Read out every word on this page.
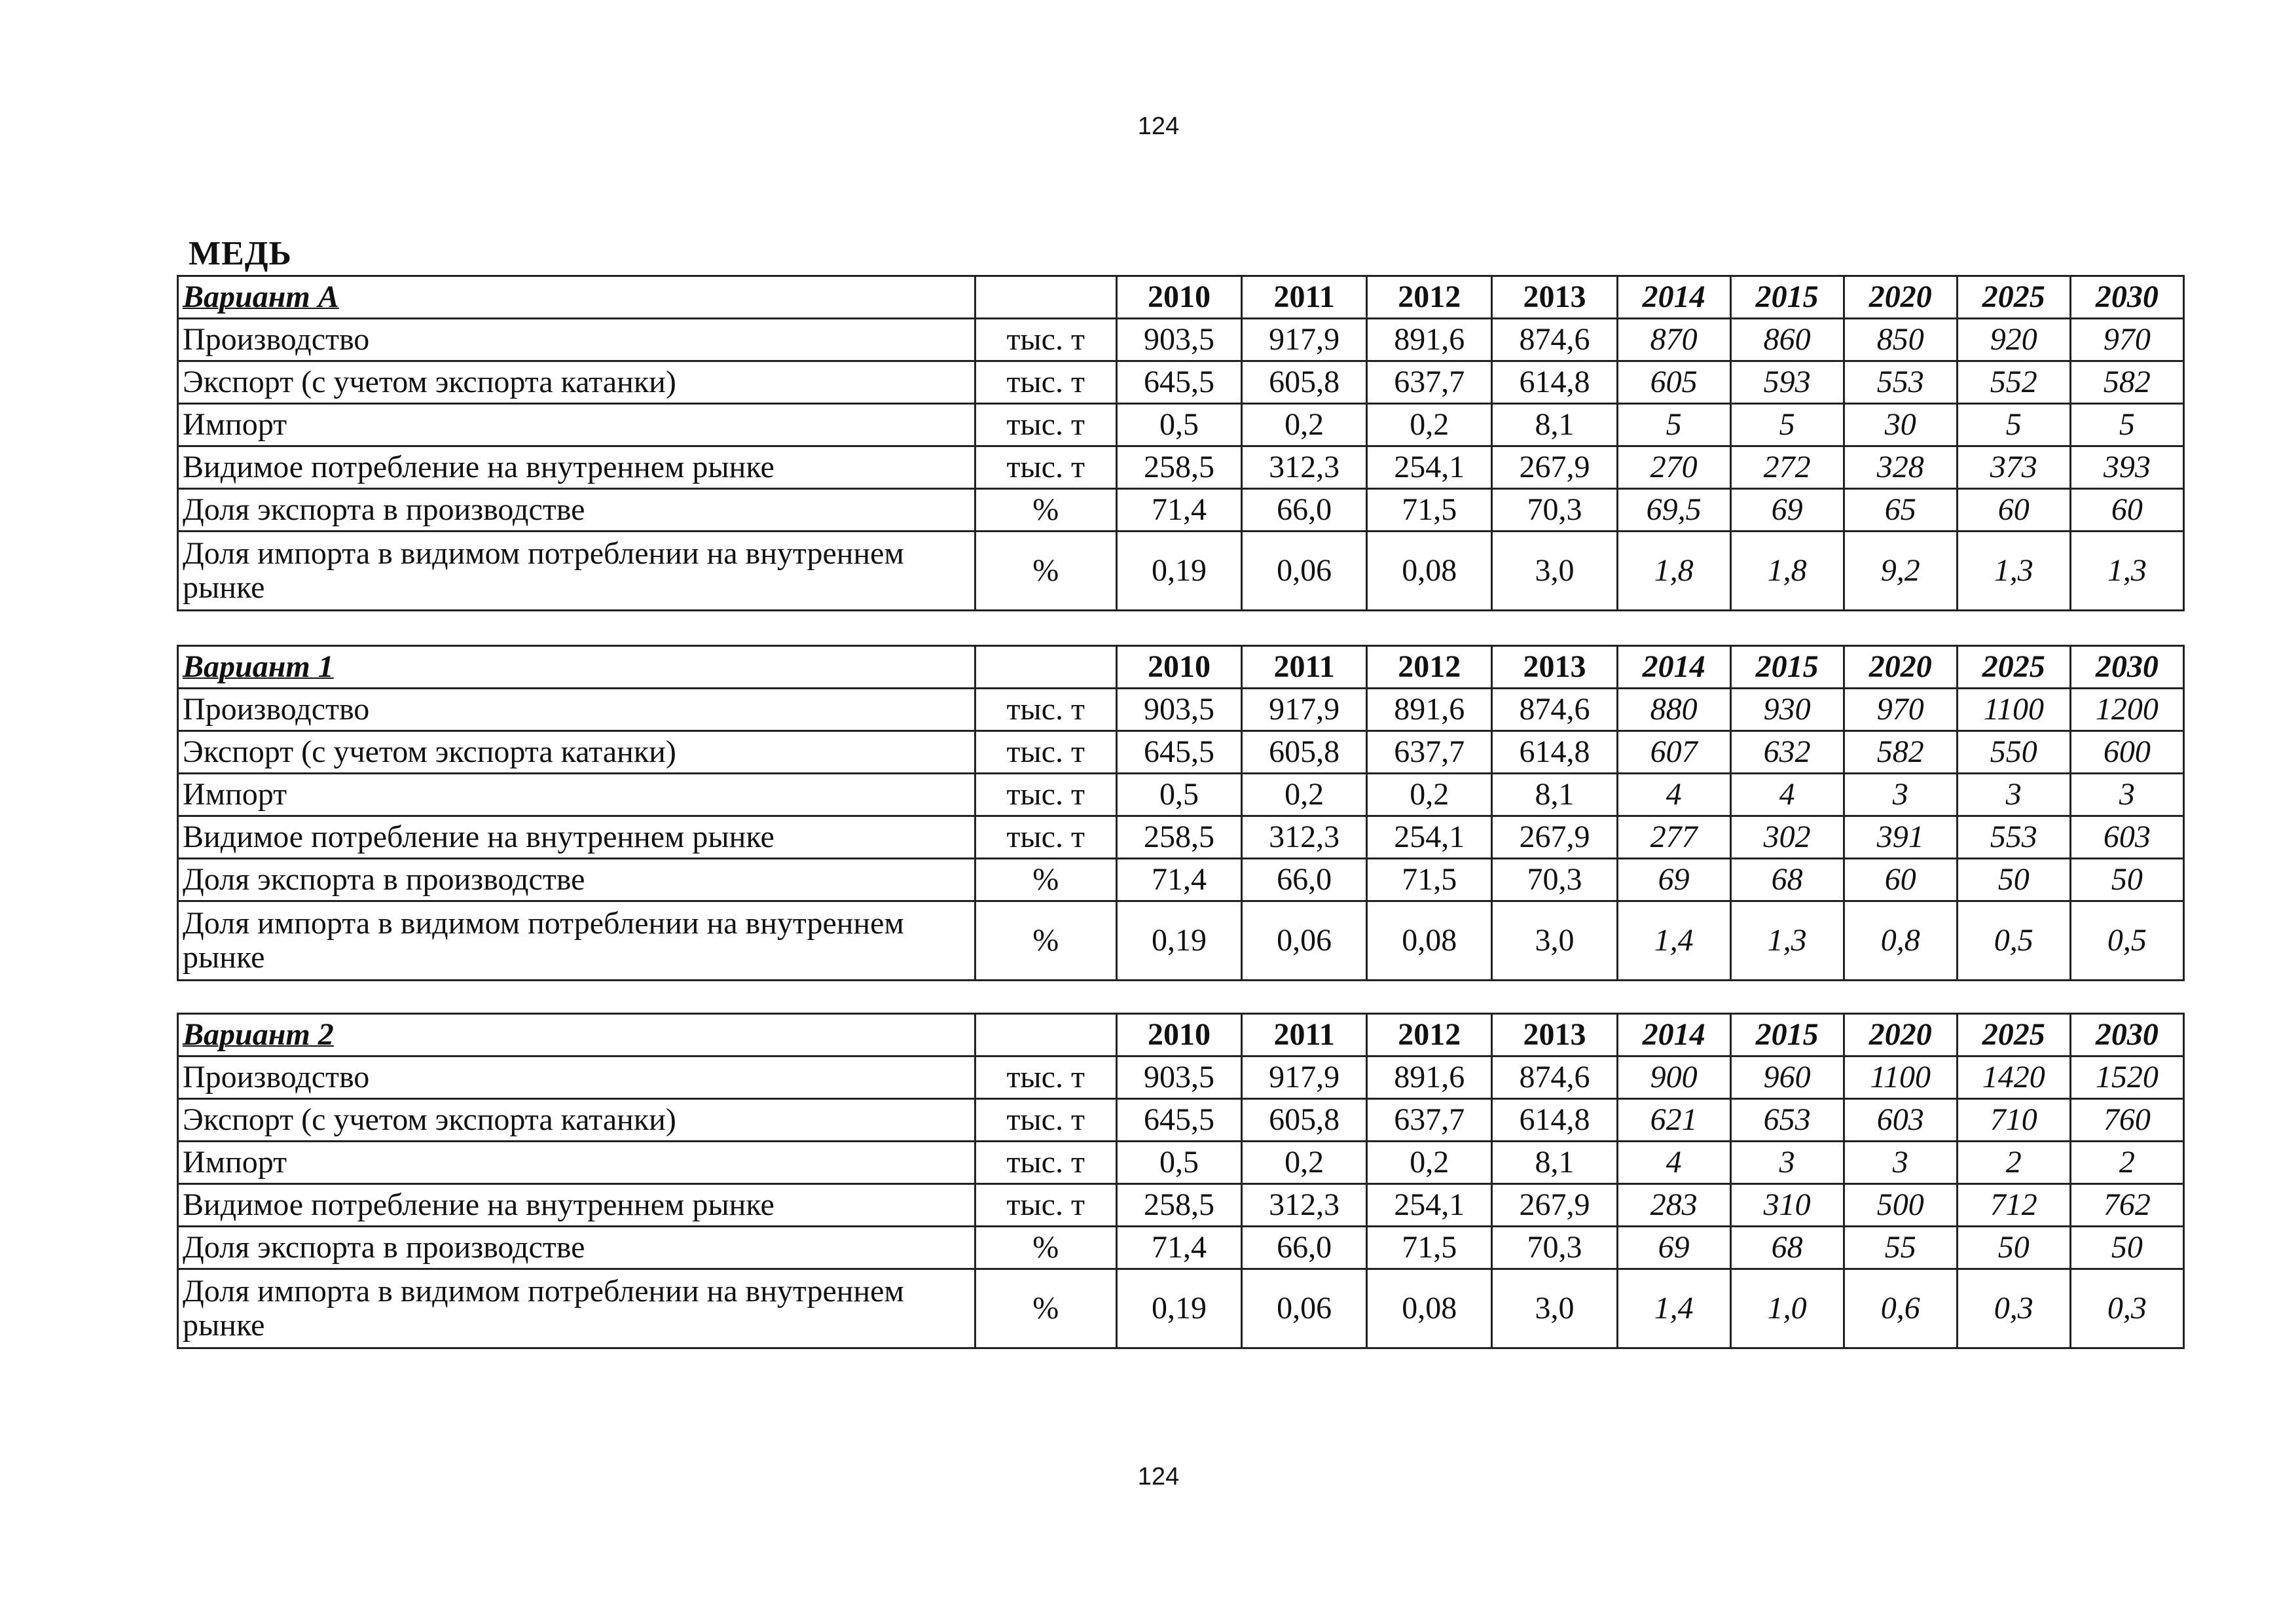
124
МЕДЬ
Вариант А		2010	2011	2012	2013	2014	2015	2020	2025	2030
Производство	тыс. т	903,5	917,9	891,6	874,6	870	860	850	920	970
Экспорт (с учетом экспорта катанки)	тыс. т	645,5	605,8	637,7	614,8	605	593	553	552	582
Импорт	тыс. т	0,5	0,2	0,2	8,1	5	5	30	5	5
Видимое потребление на внутреннем рынке	тыс. т	258,5	312,3	254,1	267,9	270	272	328	373	393
Доля экспорта в производстве	%	71,4	66,0	71,5	70,3	69,5	69	65	60	60
Доля импорта в видимом потреблении на внутреннем рынке	%	0,19	0,06	0,08	3,0	1,8	1,8	9,2	1,3	1,3
Вариант 1		2010	2011	2012	2013	2014	2015	2020	2025	2030
Производство	тыс. т	903,5	917,9	891,6	874,6	880	930	970	1100	1200
Экспорт (с учетом экспорта катанки)	тыс. т	645,5	605,8	637,7	614,8	607	632	582	550	600
Импорт	тыс. т	0,5	0,2	0,2	8,1	4	4	3	3	3
Видимое потребление на внутреннем рынке	тыс. т	258,5	312,3	254,1	267,9	277	302	391	553	603
Доля экспорта в производстве	%	71,4	66,0	71,5	70,3	69	68	60	50	50
Доля импорта в видимом потреблении на внутреннем рынке	%	0,19	0,06	0,08	3,0	1,4	1,3	0,8	0,5	0,5
Вариант 2		2010	2011	2012	2013	2014	2015	2020	2025	2030
Производство	тыс. т	903,5	917,9	891,6	874,6	900	960	1100	1420	1520
Экспорт (с учетом экспорта катанки)	тыс. т	645,5	605,8	637,7	614,8	621	653	603	710	760
Импорт	тыс. т	0,5	0,2	0,2	8,1	4	3	3	2	2
Видимое потребление на внутреннем рынке	тыс. т	258,5	312,3	254,1	267,9	283	310	500	712	762
Доля экспорта в производстве	%	71,4	66,0	71,5	70,3	69	68	55	50	50
Доля импорта в видимом потреблении на внутреннем рынке	%	0,19	0,06	0,08	3,0	1,4	1,0	0,6	0,3	0,3
124
